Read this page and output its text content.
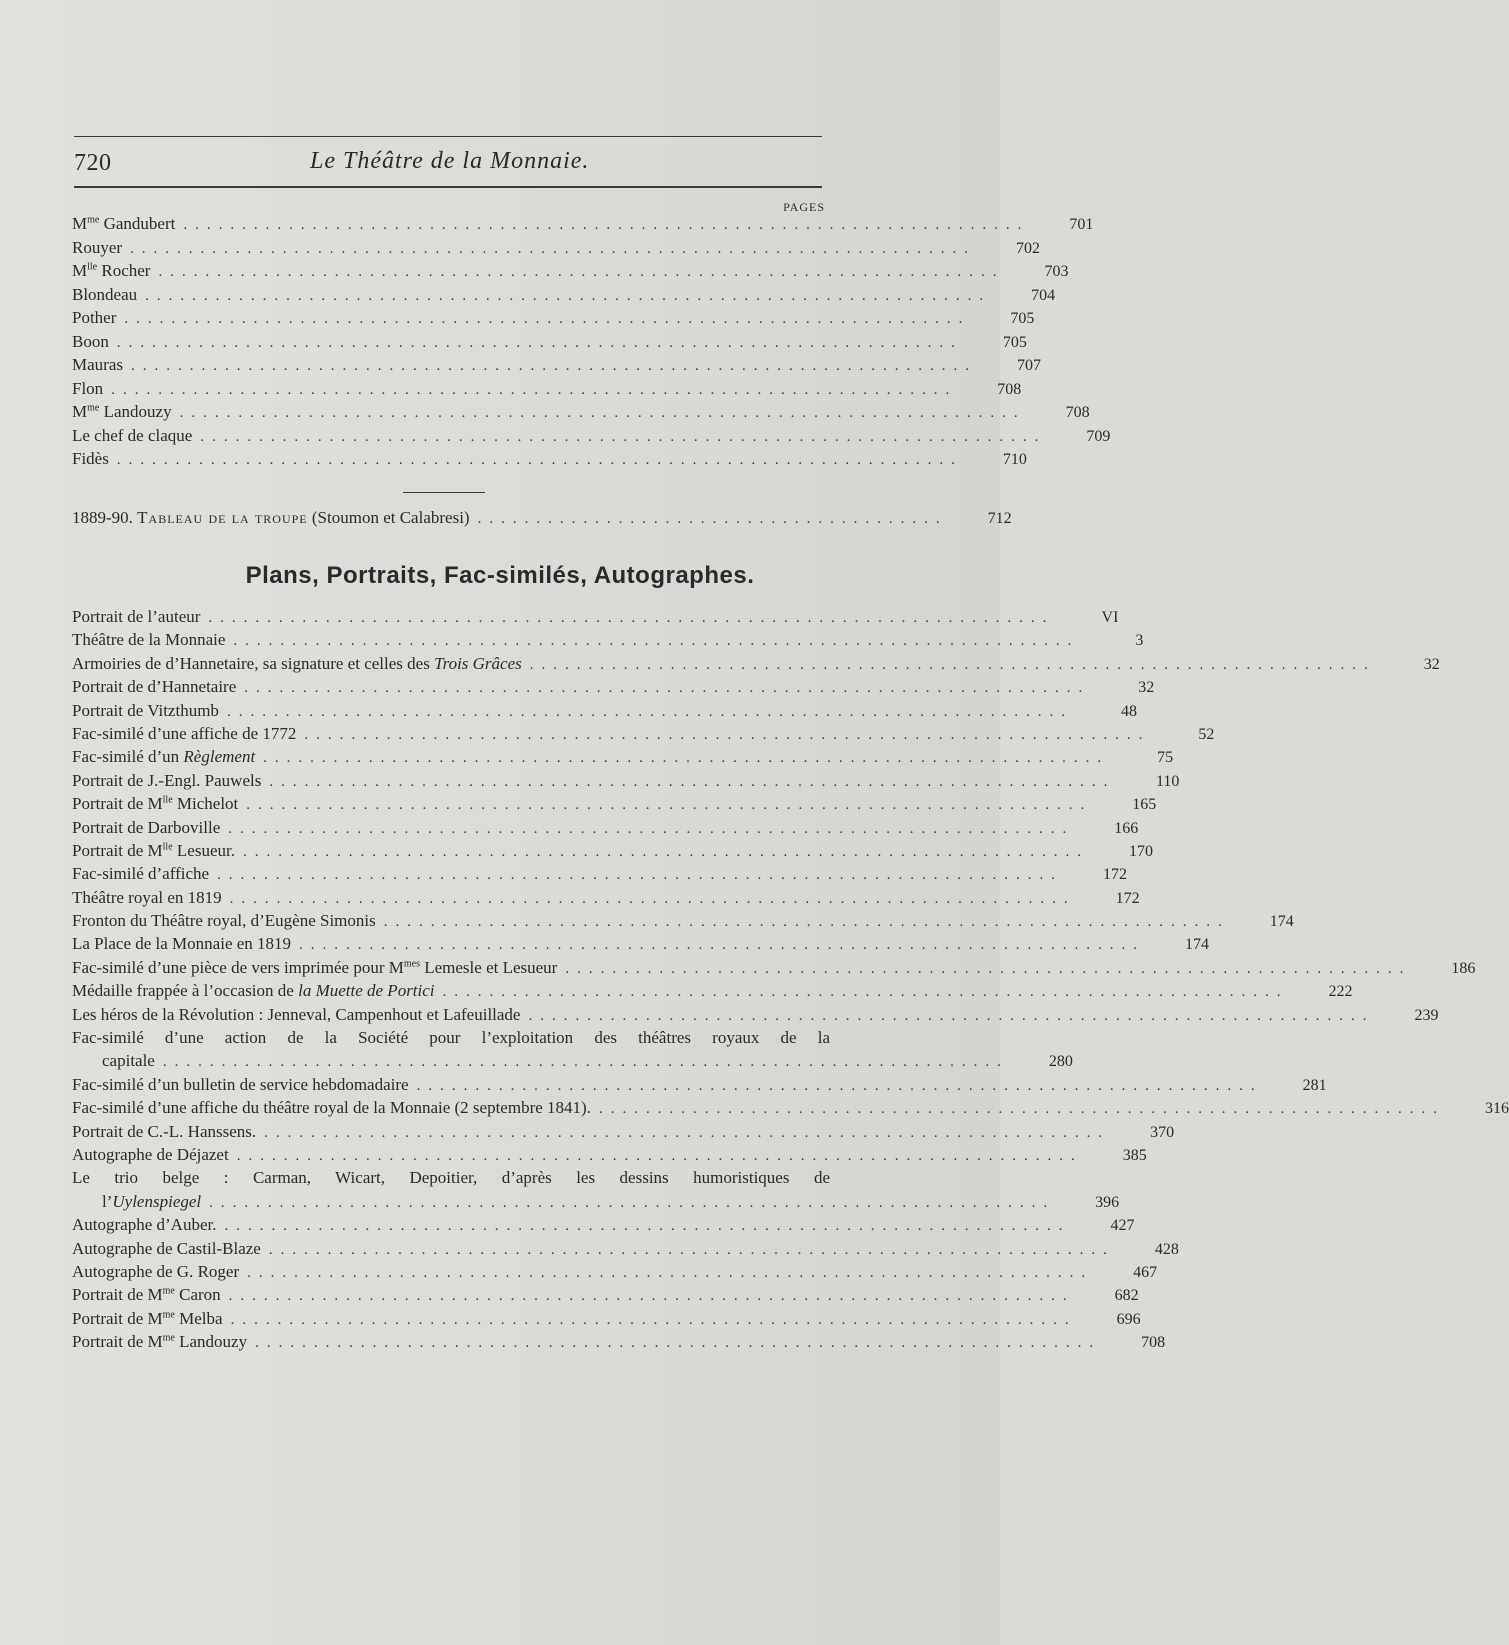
720	Le Théâtre de la Monnaie.
PAGES
$M^{me}$ Gandubert ........................................................................	701
Rouyer ........................................................................	702
$M^{lle}$ Rocher ........................................................................	703
Blondeau ........................................................................	704
Pother ........................................................................	705
Boon ........................................................................	705
Mauras ........................................................................	707
Flon ........................................................................	708
$M^{me}$ Landouzy ........................................................................	708
Le chef de claque ........................................................................	709
Fidès ........................................................................	710
1889-90. Tableau de la troupe (Stoumon et Calabresi) ........................................	712
Plans, Portraits, Fac-similés, Autographes.
Portrait de l’auteur ........................................................................	VI
Théâtre de la Monnaie ........................................................................	3
Armoiries de d’Hannetaire, sa signature et celles des Trois Grâces ........................................................................	32
Portrait de d’Hannetaire ........................................................................	32
Portrait de Vitzthumb ........................................................................	48
Fac-similé d’une affiche de 1772 ........................................................................	52
Fac-similé d’un Règlement ........................................................................	75
Portrait de J.-Engl. Pauwels ........................................................................	110
Portrait de $M^{lle}$ Michelot ........................................................................	165
Portrait de Darboville ........................................................................	166
Portrait de $M^{lle}$ Lesueur. ........................................................................	170
Fac-similé d’affiche ........................................................................	172
Théâtre royal en 1819 ........................................................................	172
Fronton du Théâtre royal, d’Eugène Simonis ........................................................................	174
La Place de la Monnaie en 1819 ........................................................................	174
Fac-similé d’une pièce de vers imprimée pour $M^{mes}$ Lemesle et Lesueur ........................................................................	186
Médaille frappée à l’occasion de la Muette de Portici ........................................................................	222
Les héros de la Révolution : Jenneval, Campenhout et Lafeuillade ........................................................................	239
Fac-similé d’une action de la Société pour l’exploitation des théâtres royaux de la
capitale ........................................................................	280
Fac-similé d’un bulletin de service hebdomadaire ........................................................................	281
Fac-similé d’une affiche du théâtre royal de la Monnaie (2 septembre 1841). ........................................................................	316
Portrait de C.-L. Hanssens. ........................................................................	370
Autographe de Déjazet ........................................................................	385
Le trio belge : Carman, Wicart, Depoitier, d’après les dessins humoristiques de
l’Uylenspiegel ........................................................................	396
Autographe d’Auber. ........................................................................	427
Autographe de Castil-Blaze ........................................................................	428
Autographe de G. Roger ........................................................................	467
Portrait de $M^{me}$ Caron ........................................................................	682
Portrait de $M^{me}$ Melba ........................................................................	696
Portrait de $M^{me}$ Landouzy ........................................................................	708
